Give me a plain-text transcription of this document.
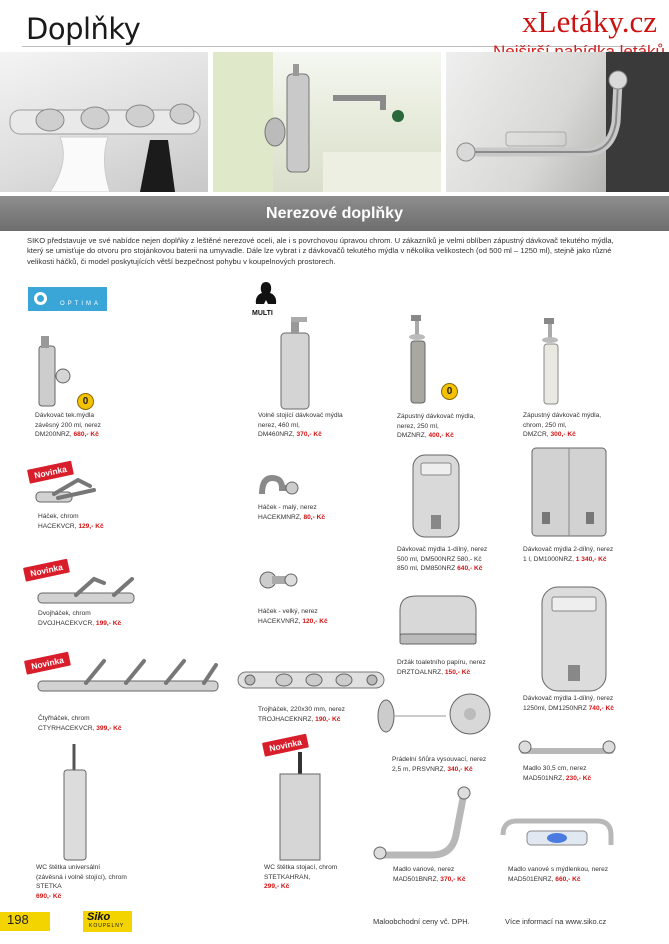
Doplňky	xLetáky.cz
Nerezové doplňky

SIKO představuje ve své nabídce nejen doplňky z leštěné nerezové oceli, ale i s povrchovou úpravou chrom. U zákazníků je velmi oblíben zápustný dávkovač tekutého mýdla, který se umisťuje do otvoru pro stojánkovou baterii na umyvadle. Dále lze vybrat i z dávkovačů tekutého mýdla v několika velikostech (od 500 ml – 1250 ml), stejně jako různé velikosti háčků, či model poskytujících větší bezpečnost pohybu v koupelnových prostorech.

OPTIMA
MULTI
0
0
Novinka
Novinka
Novinka
Novinka
Dávkovač tek.mýdla
závěsný 200 ml, nerez
DM200NRZ, 680,- Kč
Volně stojící dávkovač mýdla
nerez, 460 ml,
DM460NRZ, 370,- Kč
Zápustný dávkovač mýdla,
nerez, 250 ml,
DMZNRZ, 400,- Kč
Zápustný dávkovač mýdla,
chrom, 250 ml,
DMZCR, 300,- Kč
Háček, chrom
HACEKVCR, 129,- Kč
Háček - malý, nerez
HACEKMNRZ, 80,- Kč
Dávkovač mýdla 1-dílný, nerez
500 ml, DM500NRZ 580,- Kč
850 ml, DM850NRZ 640,- Kč
Dávkovač mýdla 2-dílný, nerez
1 l, DM1000NRZ, 1 340,- Kč
Dvojháček, chrom
DVOJHACEKVCR, 199,- Kč
Háček - velký, nerez
HACEKVNRZ, 120,- Kč
Držák toaletního papíru, nerez
DRZTOALNRZ, 150,- Kč
Dávkovač mýdla 1-dílný, nerez
1250ml, DM1250NRZ 740,- Kč
Čtyřháček, chrom
CTYRHACEKVCR, 399,- Kč
Trojháček, 220x30 mm, nerez
TROJHACEKNRZ, 190,- Kč
Prádelní šňůra vysouvací, nerez
2,5 m, PRSVNRZ, 340,- Kč	Madlo 30,5 cm, nerez
MAD501NRZ, 230,- Kč
WC štětka universální
(závěsná i volně stojící), chrom
STETKA
690,- Kč
WC štětka stojací, chrom
STETKAHRAN,
299,- Kč
Madlo vanové, nerez
MAD501BNRZ, 370,- Kč
Madlo vanové s mýdlenkou, nerez
MAD501ENRZ, 660,- Kč
198	Siko
KOUPELNY	Maloobchodní ceny vč. DPH.	Více informací na www.siko.cz
